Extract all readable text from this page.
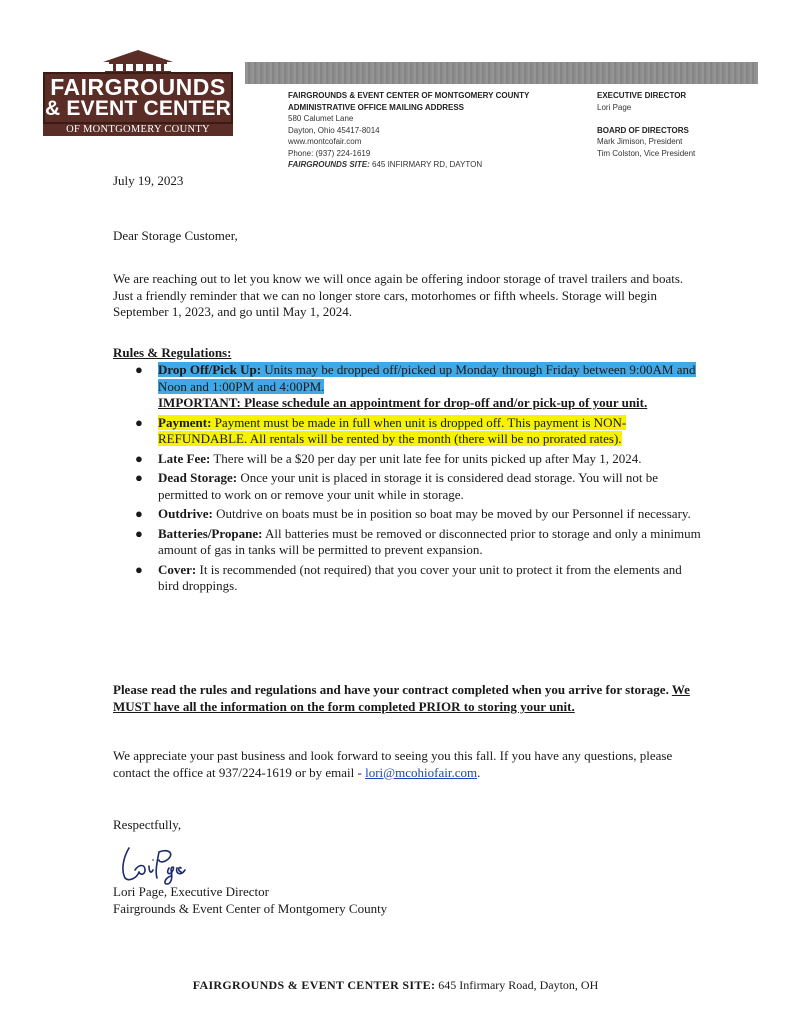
FAIRGROUNDS
& EVENT CENTER
OF MONTGOMERY COUNTY
FAIRGROUNDS & EVENT CENTER OF MONTGOMERY COUNTY
ADMINISTRATIVE OFFICE MAILING ADDRESS
580 Calumet Lane
Dayton, Ohio 45417-8014
www.montcofair.com
Phone: (937) 224-1619
FAIRGROUNDS SITE: 645 INFIRMARY RD, DAYTON
EXECUTIVE DIRECTOR
Lori Page
BOARD OF DIRECTORS
Mark Jimison, President
Tim Colston, Vice President
July 19, 2023
Dear Storage Customer,
We are reaching out to let you know we will once again be offering indoor storage of travel trailers and boats. Just a friendly reminder that we can no longer store cars, motorhomes or fifth wheels. Storage will begin September 1, 2023, and go until May 1, 2024.
Rules & Regulations:
● Drop Off/Pick Up: Units may be dropped off/picked up Monday through Friday between 9:00AM and Noon and 1:00PM and 4:00PM.
IMPORTANT: Please schedule an appointment for drop-off and/or pick-up of your unit.
● Payment: Payment must be made in full when unit is dropped off. This payment is NON-REFUNDABLE. All rentals will be rented by the month (there will be no prorated rates).
● Late Fee: There will be a $20 per day per unit late fee for units picked up after May 1, 2024.
● Dead Storage: Once your unit is placed in storage it is considered dead storage. You will not be permitted to work on or remove your unit while in storage.
● Outdrive: Outdrive on boats must be in position so boat may be moved by our Personnel if necessary.
● Batteries/Propane: All batteries must be removed or disconnected prior to storage and only a minimum amount of gas in tanks will be permitted to prevent expansion.
● Cover: It is recommended (not required) that you cover your unit to protect it from the elements and bird droppings.
Please read the rules and regulations and have your contract completed when you arrive for storage. We MUST have all the information on the form completed PRIOR to storing your unit.
We appreciate your past business and look forward to seeing you this fall. If you have any questions, please contact the office at 937/224-1619 or by email - lori@mcohiofair.com.
Respectfully,
Lori Page, Executive Director
Fairgrounds & Event Center of Montgomery County
FAIRGROUNDS & EVENT CENTER SITE: 645 Infirmary Road, Dayton, OH
